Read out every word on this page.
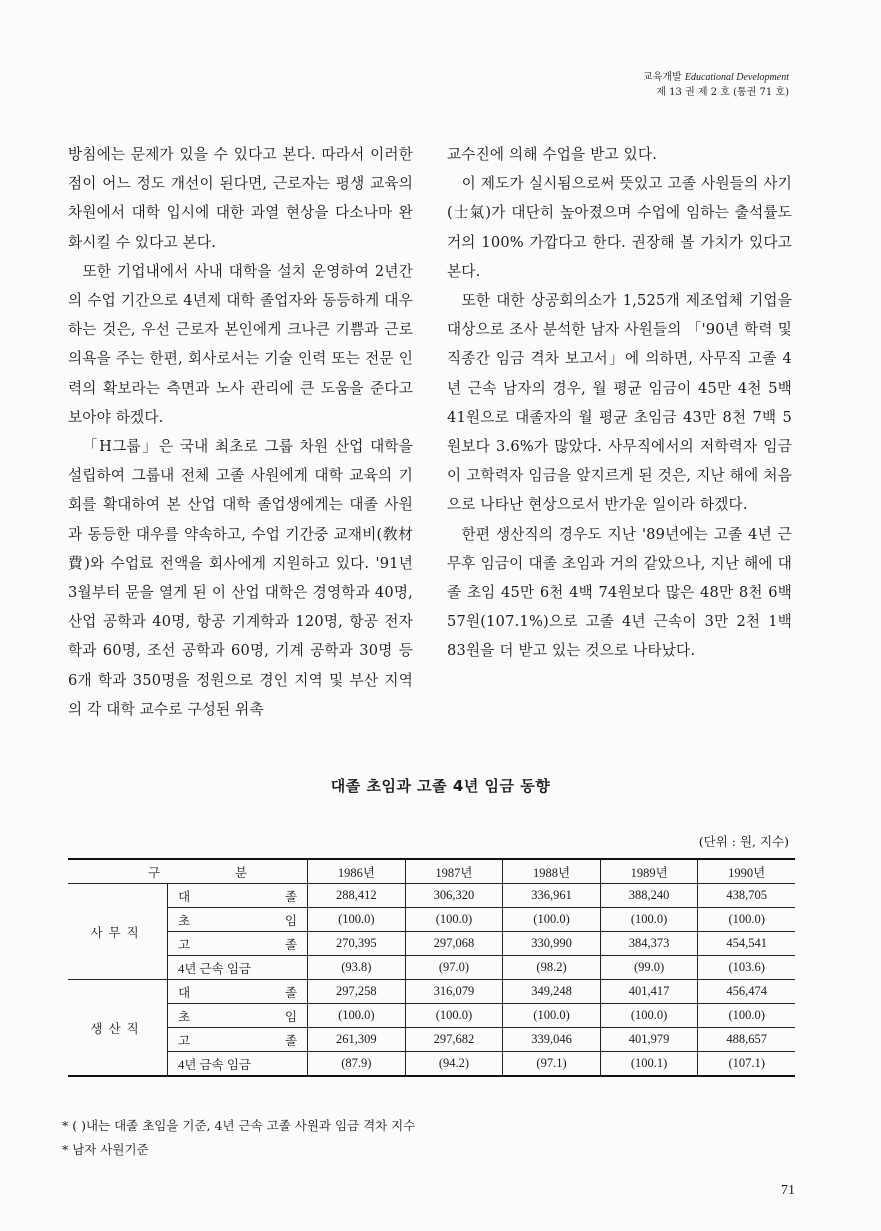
교육개발 Educational Development
제 13 권 제 2 호 (통권 71 호)

방침에는 문제가 있을 수 있다고 본다. 따라서 이러한 점이 어느 정도 개선이 된다면, 근로자는 평생 교육의 차원에서 대학 입시에 대한 과열 현상을 다소나마 완화시킬 수 있다고 본다.

또한 기업내에서 사내 대학을 설치 운영하여 2년간의 수업 기간으로 4년제 대학 졸업자와 동등하게 대우하는 것은, 우선 근로자 본인에게 크나큰 기쁨과 근로 의욕을 주는 한편, 회사로서는 기술 인력 또는 전문 인력의 확보라는 측면과 노사 관리에 큰 도움을 준다고 보아야 하겠다.

「H그룹」은 국내 최초로 그룹 차원 산업 대학을 설립하여 그룹내 전체 고졸 사원에게 대학 교육의 기회를 확대하여 본 산업 대학 졸업생에게는 대졸 사원과 동등한 대우를 약속하고, 수업 기간중 교재비(敎材費)와 수업료 전액을 회사에게 지원하고 있다. '91년 3월부터 문을 열게 된 이 산업 대학은 경영학과 40명, 산업 공학과 40명, 항공 기계학과 120명, 항공 전자학과 60명, 조선 공학과 60명, 기계 공학과 30명 등 6개 학과 350명을 정원으로 경인 지역 및 부산 지역의 각 대학 교수로 구성된 위촉

교수진에 의해 수업을 받고 있다.

이 제도가 실시됨으로써 뜻있고 고졸 사원들의 사기(士氣)가 대단히 높아졌으며 수업에 임하는 출석률도 거의 100% 가깝다고 한다. 권장해 볼 가치가 있다고 본다.

또한 대한 상공회의소가 1,525개 제조업체 기업을 대상으로 조사 분석한 남자 사원들의 「'90년 학력 및 직종간 임금 격차 보고서」에 의하면, 사무직 고졸 4년 근속 남자의 경우, 월 평균 임금이 45만 4천 5백 41원으로 대졸자의 월 평균 초임금 43만 8천 7백 5원보다 3.6%가 많았다. 사무직에서의 저학력자 임금이 고학력자 임금을 앞지르게 된 것은, 지난 해에 처음으로 나타난 현상으로서 반가운 일이라 하겠다.

한편 생산직의 경우도 지난 '89년에는 고졸 4년 근무후 임금이 대졸 초임과 거의 같았으나, 지난 해에 대졸 초임 45만 6천 4백 74원보다 많은 48만 8천 6백 57원(107.1%)으로 고졸 4년 근속이 3만 2천 1백 83원을 더 받고 있는 것으로 나타났다.

대졸 초임과 고졸 4년 임금 동향
(단위 : 원, 지수)
구 분		1986년	1987년	1988년	1989년	1990년
사무직	대 졸	288,412	306,320	336,961	388,240	438,705

	초 임	(100.0)	(100.0)	(100.0)	(100.0)	(100.0)

	고 졸	270,395	297,068	330,990	384,373	454,541

	4년 근속 임금	(93.8)	(97.0)	(98.2)	(99.0)	(103.6)
생산직	대 졸	297,258	316,079	349,248	401,417	456,474

	초 임	(100.0)	(100.0)	(100.0)	(100.0)	(100.0)

	고 졸	261,309	297,682	339,046	401,979	488,657

	4년 금속 임금	(87.9)	(94.2)	(97.1)	(100.1)	(107.1)
* ( )내는 대졸 초임을 기준, 4년 근속 고졸 사원과 임금 격차 지수
* 남자 사원기준
71
